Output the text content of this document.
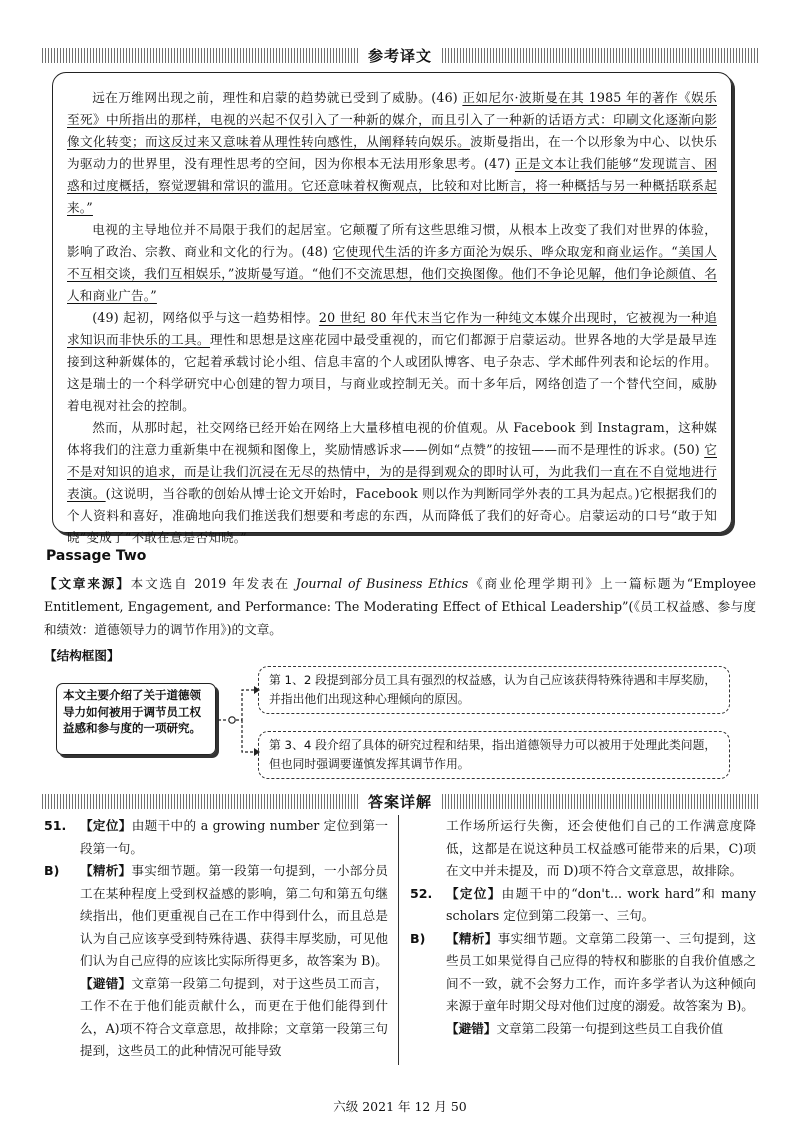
参考译文

远在万维网出现之前，理性和启蒙的趋势就已受到了威胁。(46) 正如尼尔·波斯曼在其 1985 年的著作《娱乐至死》中所指出的那样，电视的兴起不仅引入了一种新的媒介，而且引入了一种新的话语方式：印刷文化逐渐向影像文化转变；而这反过来又意味着从理性转向感性，从阐释转向娱乐。波斯曼指出，在一个以形象为中心、以快乐为驱动力的世界里，没有理性思考的空间，因为你根本无法用形象思考。(47) 正是文本让我们能够“发现谎言、困惑和过度概括，察觉逻辑和常识的滥用。它还意味着权衡观点，比较和对比断言，将一种概括与另一种概括联系起来。”

电视的主导地位并不局限于我们的起居室。它颠覆了所有这些思维习惯，从根本上改变了我们对世界的体验，影响了政治、宗教、商业和文化的行为。(48) 它使现代生活的许多方面沦为娱乐、哗众取宠和商业运作。“美国人不互相交谈，我们互相娱乐，”波斯曼写道。“他们不交流思想，他们交换图像。他们不争论见解，他们争论颜值、名人和商业广告。”

(49) 起初，网络似乎与这一趋势相悖。20 世纪 80 年代末当它作为一种纯文本媒介出现时，它被视为一种追求知识而非快乐的工具。理性和思想是这座花园中最受重视的，而它们都源于启蒙运动。世界各地的大学是最早连接到这种新媒体的，它起着承载讨论小组、信息丰富的个人或团队博客、电子杂志、学术邮件列表和论坛的作用。这是瑞士的一个科学研究中心创建的智力项目，与商业或控制无关。而十多年后，网络创造了一个替代空间，威胁着电视对社会的控制。

然而，从那时起，社交网络已经开始在网络上大量移植电视的价值观。从 Facebook 到 Instagram，这种媒体将我们的注意力重新集中在视频和图像上，奖励情感诉求——例如“点赞”的按钮——而不是理性的诉求。(50) 它不是对知识的追求，而是让我们沉浸在无尽的热情中，为的是得到观众的即时认可，为此我们一直在不自觉地进行表演。(这说明，当谷歌的创始从博士论文开始时，Facebook 则以作为判断同学外表的工具为起点。)它根据我们的个人资料和喜好，准确地向我们推送我们想要和考虑的东西，从而降低了我们的好奇心。启蒙运动的口号“敢于知晓”变成了“不敢在意是否知晓。”

Passage Two
【文章来源】本文选自 2019 年发表在 Journal of Business Ethics《商业伦理学期刊》上一篇标题为“Employee Entitlement, Engagement, and Performance: The Moderating Effect of Ethical Leadership”(《员工权益感、参与度和绩效：道德领导力的调节作用》)的文章。
【结构框图】
本文主要介绍了关于道德领导力如何被用于调节员工权益感和参与度的一项研究。
第 1、2 段提到部分员工具有强烈的权益感，认为自己应该获得特殊待遇和丰厚奖励，并指出他们出现这种心理倾向的原因。
第 3、4 段介绍了具体的研究过程和结果，指出道德领导力可以被用于处理此类问题，但也同时强调要谨慎发挥其调节作用。
答案详解
51.	【定位】由题干中的 a growing number 定位到第一段第一句。
B)	【精析】事实细节题。第一段第一句提到，一小部分员工在某种程度上受到权益感的影响，第二句和第五句继续指出，他们更重视自己在工作中得到什么，而且总是认为自己应该享受到特殊待遇、获得丰厚奖励，可见他们认为自己应得的应该比实际所得更多，故答案为 B)。
【避错】文章第一段第二句提到，对于这些员工而言，工作不在于他们能贡献什么，而更在于他们能得到什么，A)项不符合文章意思，故排除；文章第一段第三句提到，这些员工的此种情况可能导致
工作场所运行失衡，还会使他们自己的工作满意度降低，这都是在说这种员工权益感可能带来的后果，C)项在文中并未提及，而 D)项不符合文章意思，故排除。
52.	【定位】由题干中的“don't... work hard”和 many scholars 定位到第二段第一、三句。
B)	【精析】事实细节题。文章第二段第一、三句提到，这些员工如果觉得自己应得的特权和膨胀的自我价值感之间不一致，就不会努力工作，而许多学者认为这种倾向来源于童年时期父母对他们过度的溺爱。故答案为 B)。
【避错】文章第二段第一句提到这些员工自我价值
六级 2021 年 12 月 50
